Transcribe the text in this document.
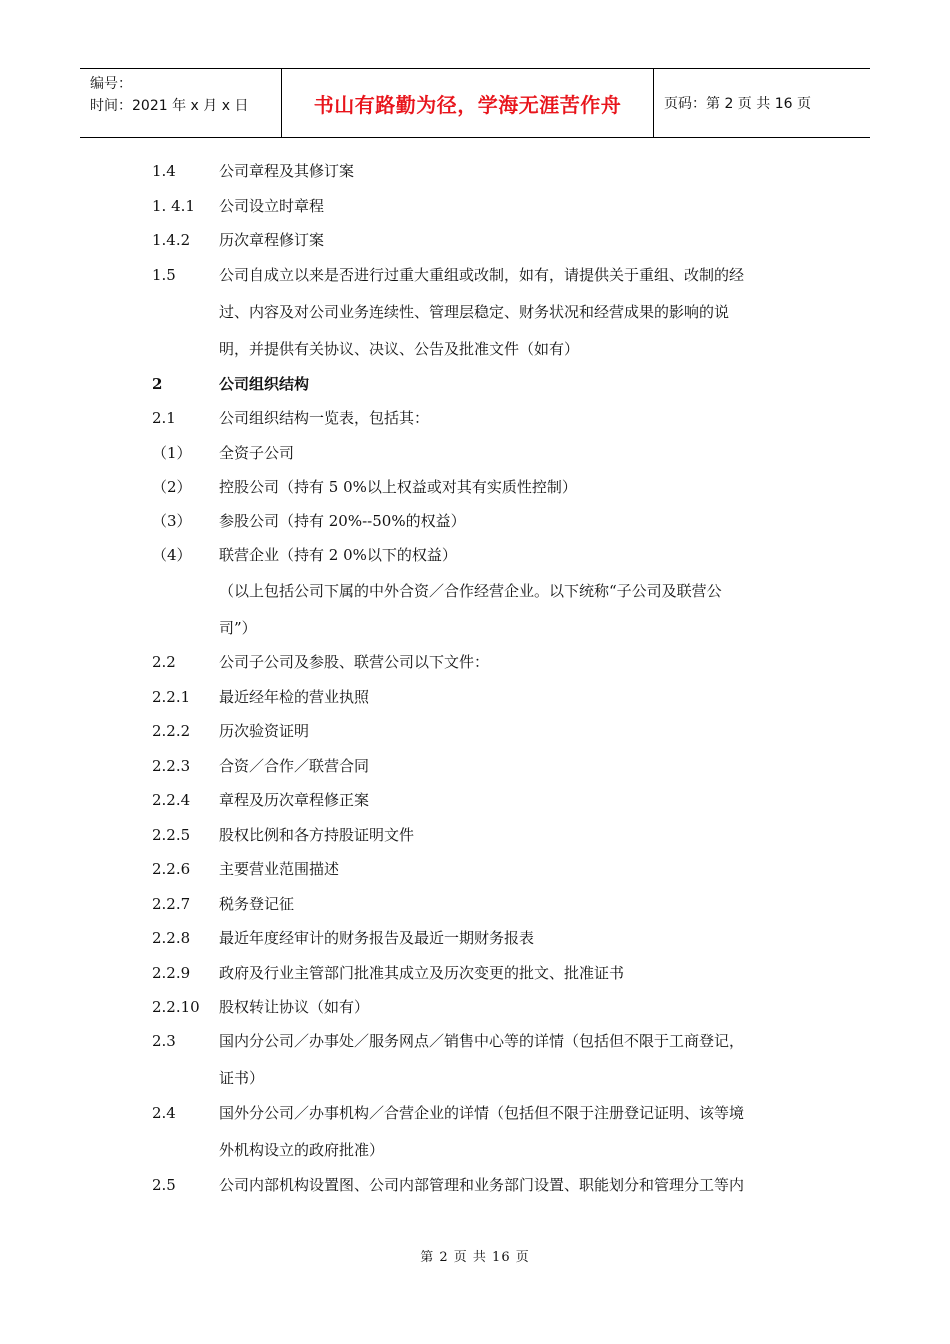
编号：
时间：2021 年 x 月 x 日	书山有路勤为径，学海无涯苦作舟	页码：第 2 页 共 16 页
1.4	公司章程及其修订案
1. 4.1 公司设立时章程
1.4.2 历次章程修订案
1.5	公司自成立以来是否进行过重大重组或改制，如有，请提供关于重组、改制的经
过、内容及对公司业务连续性、管理层稳定、财务状况和经营成果的影响的说
明，并提供有关协议、决议、公告及批准文件（如有）
2	公司组织结构
2.1	公司组织结构一览表，包括其：
（1） 全资子公司
（2） 控股公司（持有 5 0%以上权益或对其有实质性控制）
（3） 参股公司（持有 20%--50%的权益）
（4） 联营企业（持有 2 0%以下的权益）
（以上包括公司下属的中外合资／合作经营企业。以下统称“子公司及联营公
司”）
2.2	公司子公司及参股、联营公司以下文件：
2.2.1 最近经年检的营业执照
2.2.2 历次验资证明
2.2.3 合资／合作／联营合同
2.2.4 章程及历次章程修正案
2.2.5 股权比例和各方持股证明文件
2.2.6 主要营业范围描述
2.2.7 税务登记征
2.2.8 最近年度经审计的财务报告及最近一期财务报表
2.2.9 政府及行业主管部门批准其成立及历次变更的批文、批准证书
2.2.10 股权转让协议（如有）
2.3	国内分公司／办事处／服务网点／销售中心等的详情（包括但不限于工商登记，
证书）
2.4	国外分公司／办事机构／合营企业的详情（包括但不限于注册登记证明、该等境
外机构设立的政府批准）
2.5	公司内部机构设置图、公司内部管理和业务部门设置、职能划分和管理分工等内
第 2 页 共 16 页
